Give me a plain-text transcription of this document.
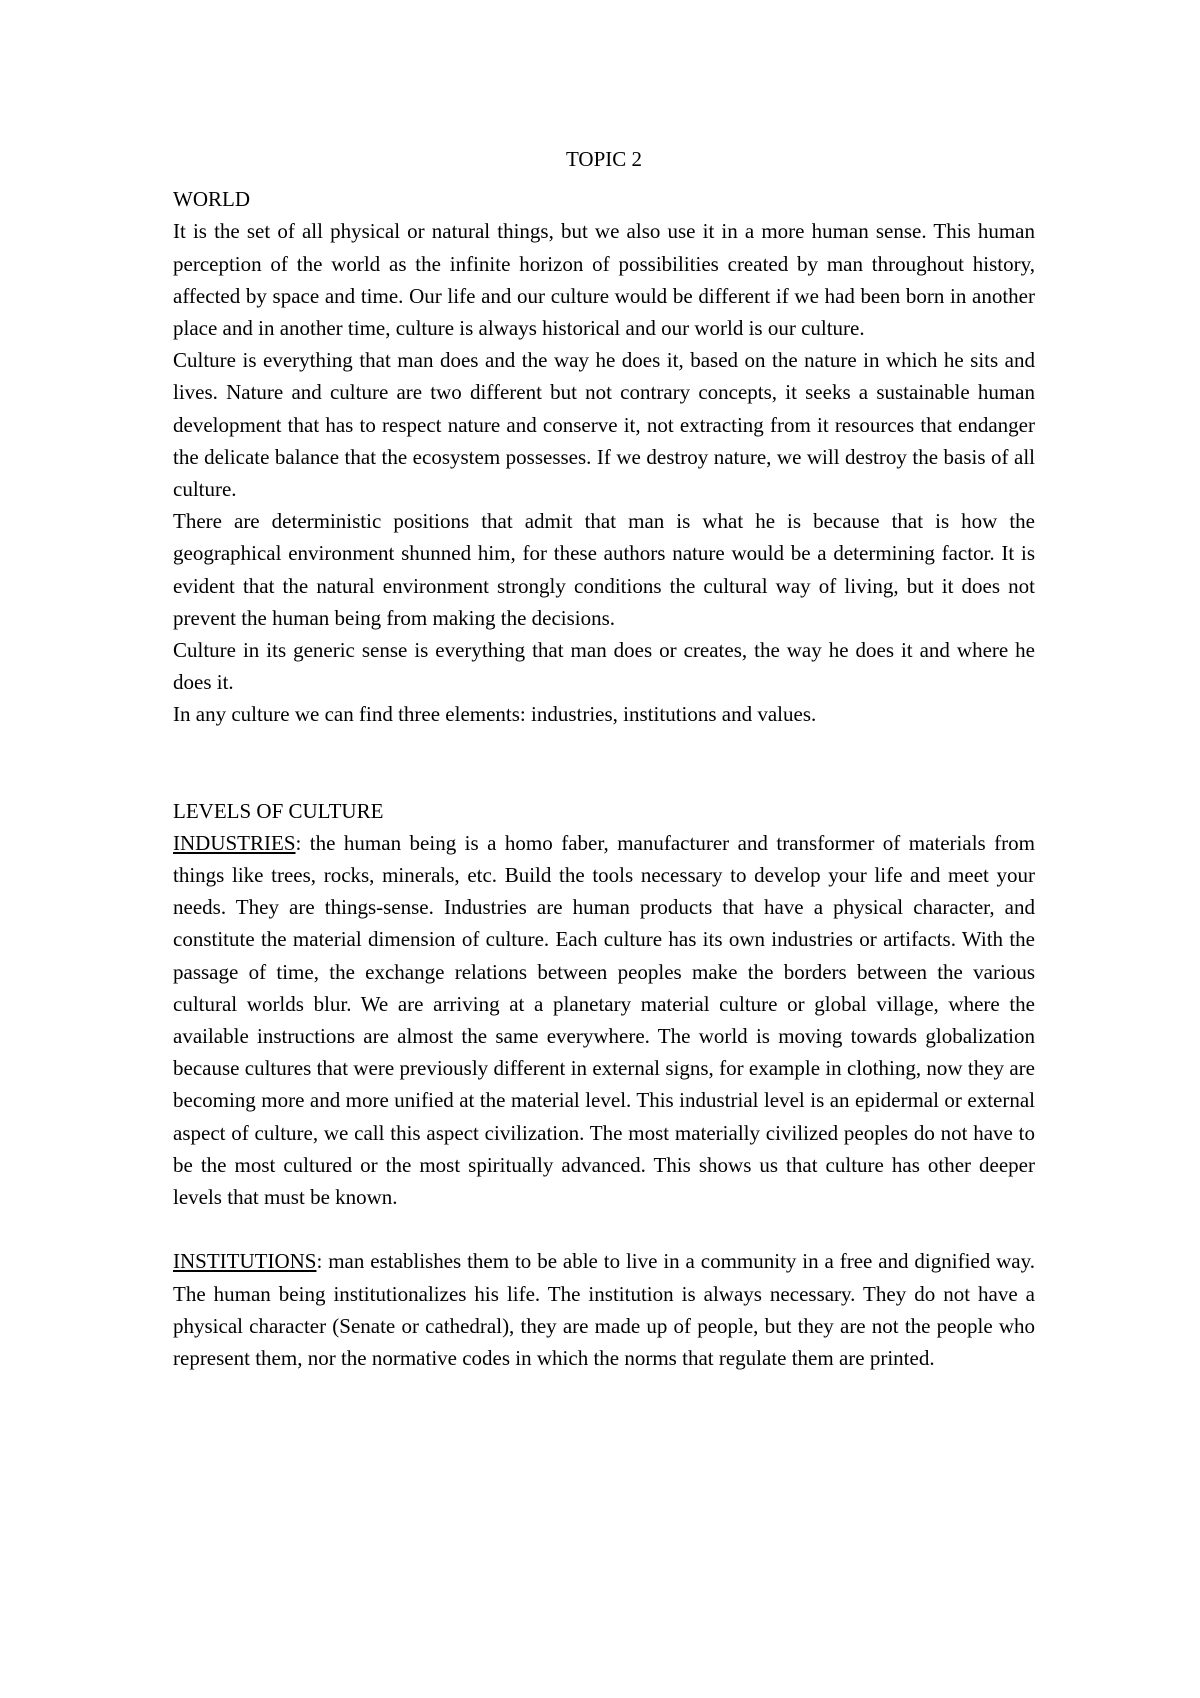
TOPIC 2
WORLD

It is the set of all physical or natural things, but we also use it in a more human sense. This human perception of the world as the infinite horizon of possibilities created by man throughout history, affected by space and time. Our life and our culture would be different if we had been born in another place and in another time, culture is always historical and our world is our culture.

Culture is everything that man does and the way he does it, based on the nature in which he sits and lives. Nature and culture are two different but not contrary concepts, it seeks a sustainable human development that has to respect nature and conserve it, not extracting from it resources that endanger the delicate balance that the ecosystem possesses. If we destroy nature, we will destroy the basis of all culture.

There are deterministic positions that admit that man is what he is because that is how the geographical environment shunned him, for these authors nature would be a determining factor. It is evident that the natural environment strongly conditions the cultural way of living, but it does not prevent the human being from making the decisions.

Culture in its generic sense is everything that man does or creates, the way he does it and where he does it.

In any culture we can find three elements: industries, institutions and values.

LEVELS OF CULTURE

INDUSTRIES: the human being is a homo faber, manufacturer and transformer of materials from things like trees, rocks, minerals, etc. Build the tools necessary to develop your life and meet your needs. They are things-sense. Industries are human products that have a physical character, and constitute the material dimension of culture. Each culture has its own industries or artifacts. With the passage of time, the exchange relations between peoples make the borders between the various cultural worlds blur. We are arriving at a planetary material culture or global village, where the available instructions are almost the same everywhere. The world is moving towards globalization because cultures that were previously different in external signs, for example in clothing, now they are becoming more and more unified at the material level. This industrial level is an epidermal or external aspect of culture, we call this aspect civilization. The most materially civilized peoples do not have to be the most cultured or the most spiritually advanced. This shows us that culture has other deeper levels that must be known.

INSTITUTIONS: man establishes them to be able to live in a community in a free and dignified way. The human being institutionalizes his life. The institution is always necessary. They do not have a physical character (Senate or cathedral), they are made up of people, but they are not the people who represent them, nor the normative codes in which the norms that regulate them are printed.
